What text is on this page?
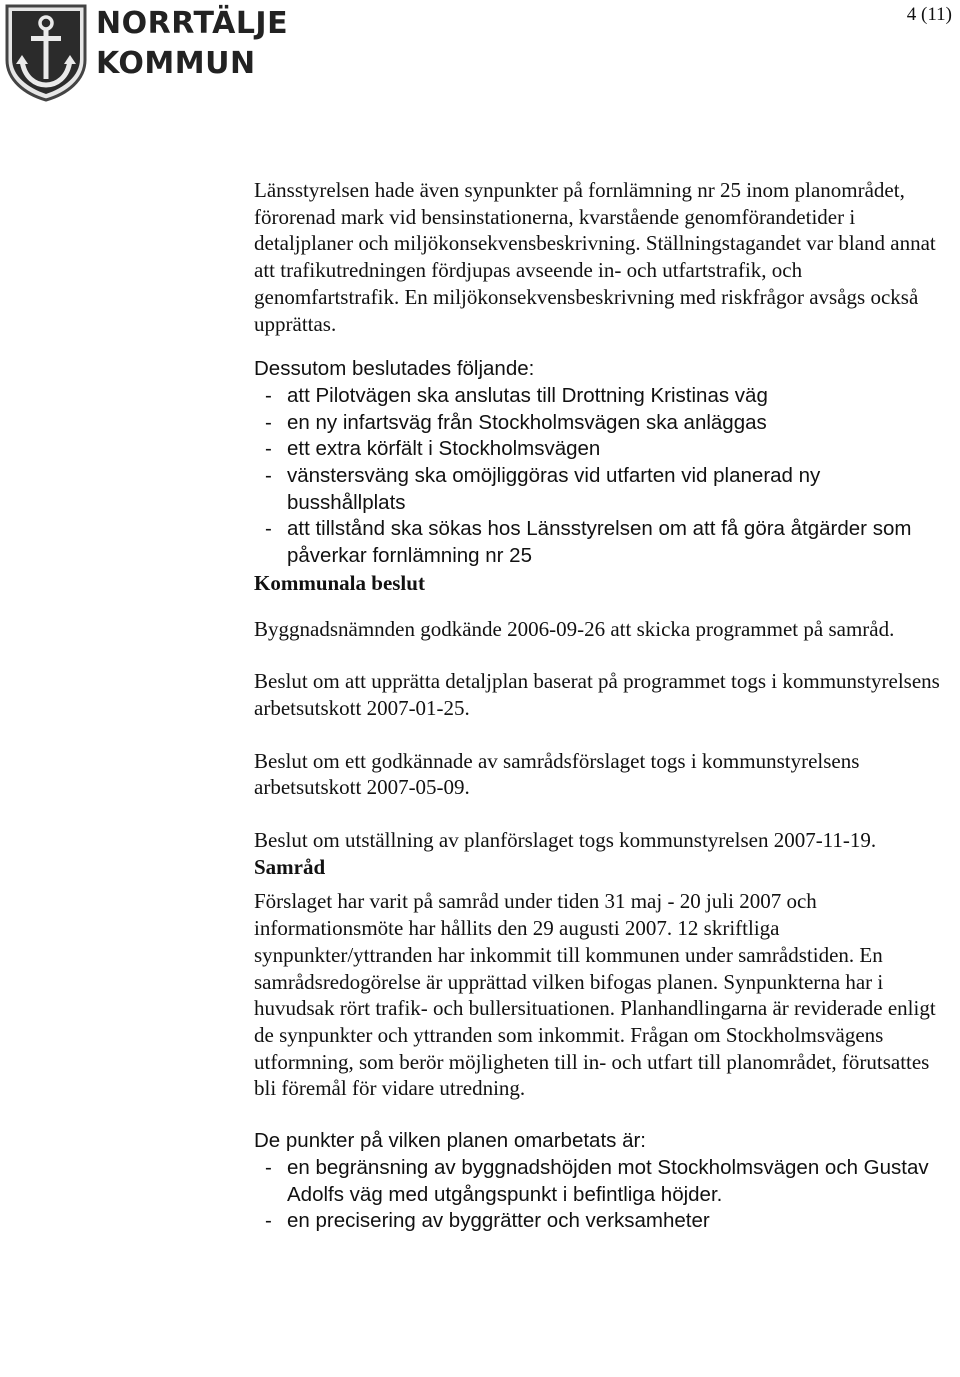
NORRTÄLJE
KOMMUN
4 (11)

Länsstyrelsen hade även synpunkter på fornlämning nr 25 inom planområdet, förorenad mark vid bensinstationerna, kvarstående genomförandetider i detaljplaner och miljökonsekvensbeskrivning. Ställningstagandet var bland annat att trafikutredningen fördjupas avseende in- och utfartstrafik, och genomfartstrafik. En miljökonsekvensbeskrivning med riskfrågor avsågs också upprättas.

Dessutom beslutades följande:

- att Pilotvägen ska anslutas till Drottning Kristinas väg
- en ny infartsväg från Stockholmsvägen ska anläggas
- ett extra körfält i Stockholmsvägen
- vänstersväng ska omöjliggöras vid utfarten vid planerad ny busshållplats
- att tillstånd ska sökas hos Länsstyrelsen om att få göra åtgärder som påverkar fornlämning nr 25

Kommunala beslut

Byggnadsnämnden godkände 2006-09-26 att skicka programmet på samråd.

Beslut om att upprätta detaljplan baserat på programmet togs i kommunstyrelsens arbetsutskott 2007-01-25.

Beslut om ett godkännade av samrådsförslaget togs i kommunstyrelsens arbetsutskott 2007-05-09.

Beslut om utställning av planförslaget togs kommunstyrelsen 2007-11-19.

Samråd

Förslaget har varit på samråd under tiden 31 maj - 20 juli 2007 och informationsmöte har hållits den 29 augusti 2007. 12 skriftliga synpunkter/yttranden har inkommit till kommunen under samrådstiden. En samrådsredogörelse är upprättad vilken bifogas planen. Synpunkterna har i huvudsak rört trafik- och bullersituationen. Planhandlingarna är reviderade enligt de synpunkter och yttranden som inkommit. Frågan om Stockholmsvägens utformning, som berör möjligheten till in- och utfart till planområdet, förutsattes bli föremål för vidare utredning.

De punkter på vilken planen omarbetats är:

- en begränsning av byggnadshöjden mot Stockholmsvägen och Gustav Adolfs väg med utgångspunkt i befintliga höjder.
- en precisering av byggrätter och verksamheter
